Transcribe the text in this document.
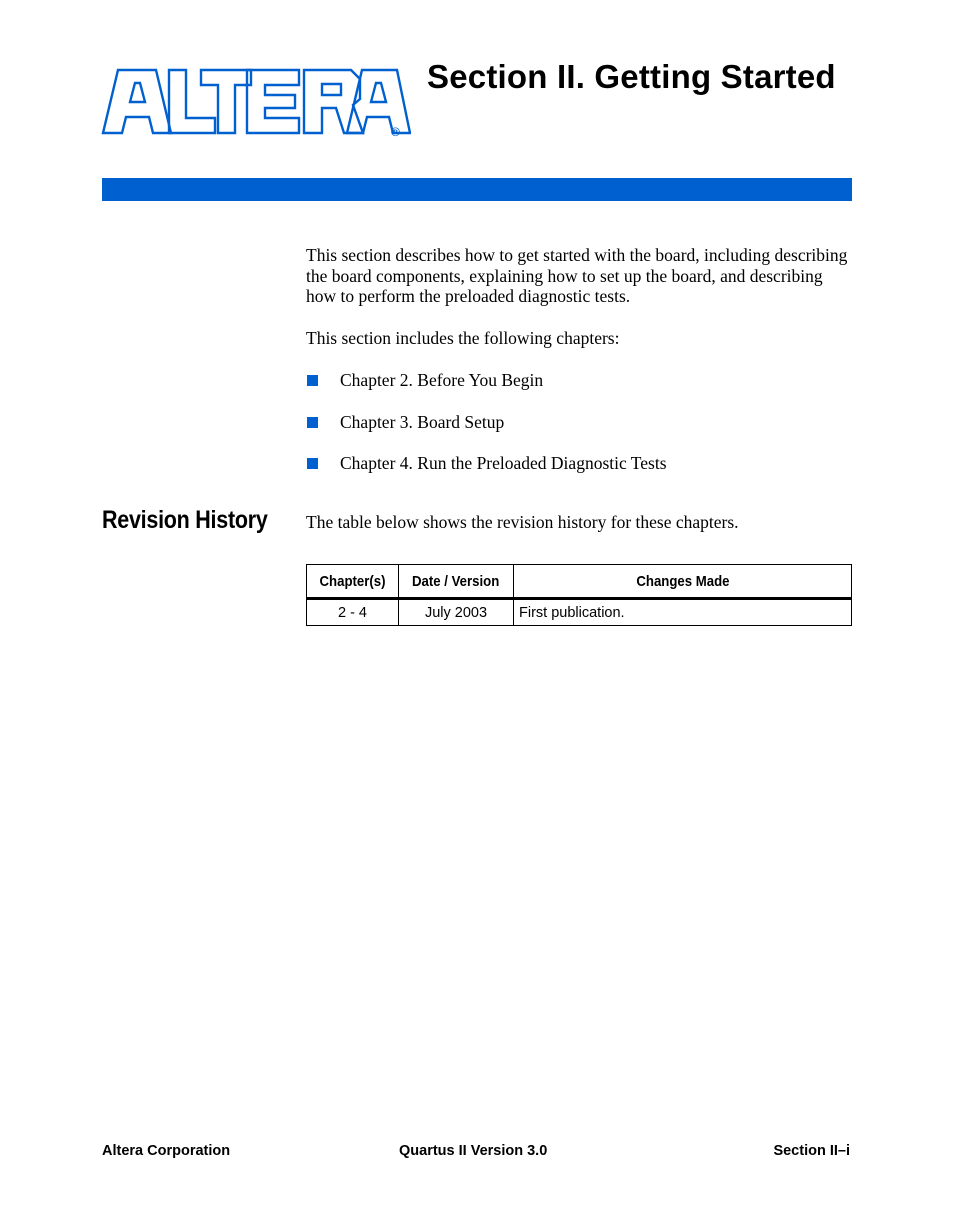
®
Section II. Getting Started

This section describes how to get started with the board, including describing the board components, explaining how to set up the board, and describing how to perform the preloaded diagnostic tests.

This section includes the following chapters:

Chapter 2. Before You Begin
Chapter 3. Board Setup
Chapter 4. Run the Preloaded Diagnostic Tests
Revision History The table below shows the revision history for these chapters.

Chapter(s)	Date / Version	Changes Made
2 - 4	July 2003	First publication.
Altera Corporation	Quartus II Version 3.0	Section II–i
